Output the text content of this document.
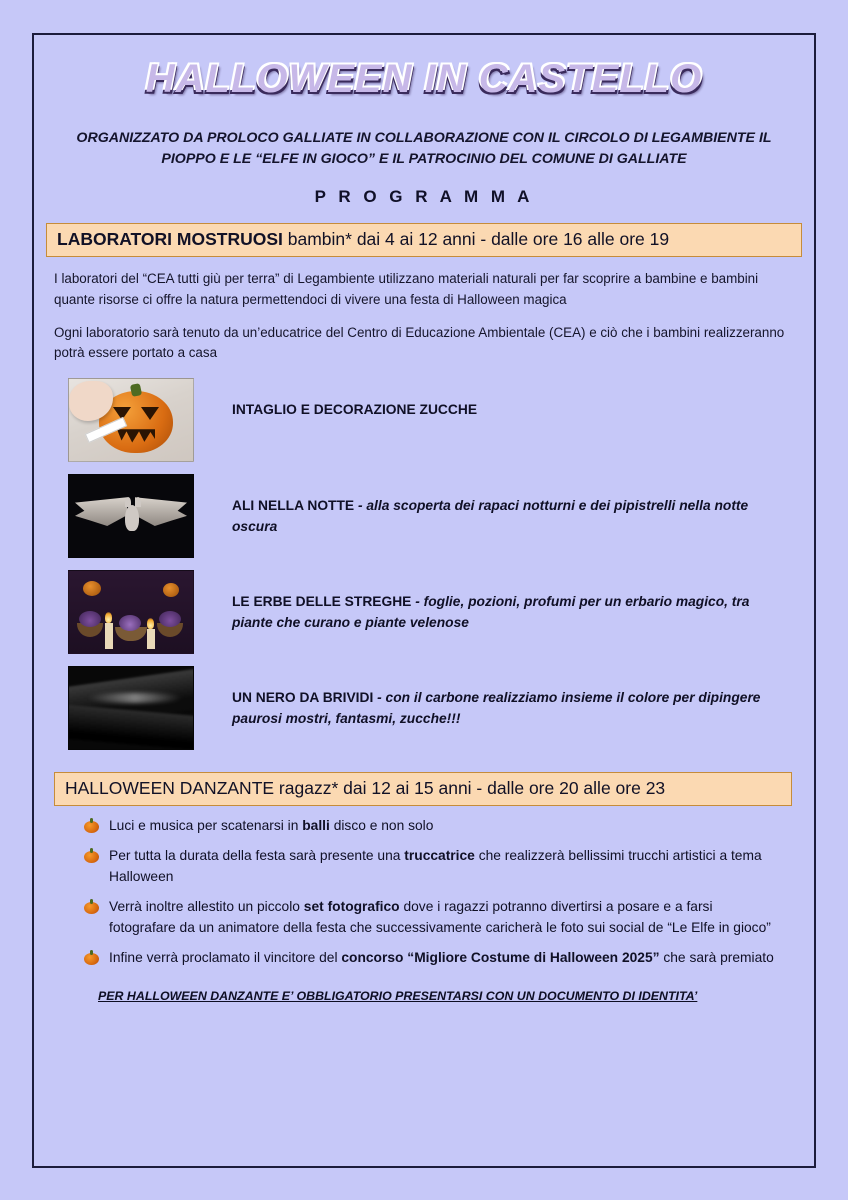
HALLOWEEN IN CASTELLO
ORGANIZZATO DA PROLOCO GALLIATE IN COLLABORAZIONE CON IL CIRCOLO DI LEGAMBIENTE IL PIOPPO E LE “ELFE IN GIOCO” E IL PATROCINIO DEL COMUNE DI GALLIATE
P R O G R A M M A
LABORATORI MOSTRUOSI bambin* dai 4 ai 12 anni - dalle ore 16 alle ore 19
I laboratori del “CEA tutti giù per terra” di Legambiente utilizzano materiali naturali per far scoprire a bambine e bambini quante risorse ci offre la natura permettendoci di vivere una festa di Halloween magica
Ogni laboratorio sarà tenuto da un’educatrice del Centro di Educazione Ambientale (CEA) e ciò che i bambini realizzeranno potrà essere portato a casa
INTAGLIO E DECORAZIONE ZUCCHE
ALI NELLA NOTTE - alla scoperta dei rapaci notturni e dei pipistrelli nella notte oscura
LE ERBE DELLE STREGHE - foglie, pozioni, profumi per un erbario magico, tra piante che curano e piante velenose
UN NERO DA BRIVIDI - con il carbone realizziamo insieme il colore per dipingere paurosi mostri, fantasmi, zucche!!!
HALLOWEEN DANZANTE ragazz* dai 12 ai 15 anni - dalle ore 20 alle ore 23
Luci e musica per scatenarsi in balli disco e non solo
Per tutta la durata della festa sarà presente una truccatrice che realizzerà bellissimi trucchi artistici a tema Halloween
Verrà inoltre allestito un piccolo set fotografico dove i ragazzi potranno divertirsi a posare e a farsi fotografare da un animatore della festa che successivamente caricherà le foto sui social de “Le Elfe in gioco”
Infine verrà proclamato il vincitore del concorso “Migliore Costume di Halloween 2025” che sarà premiato
PER HALLOWEEN DANZANTE E’ OBBLIGATORIO PRESENTARSI CON UN DOCUMENTO DI IDENTITA’
